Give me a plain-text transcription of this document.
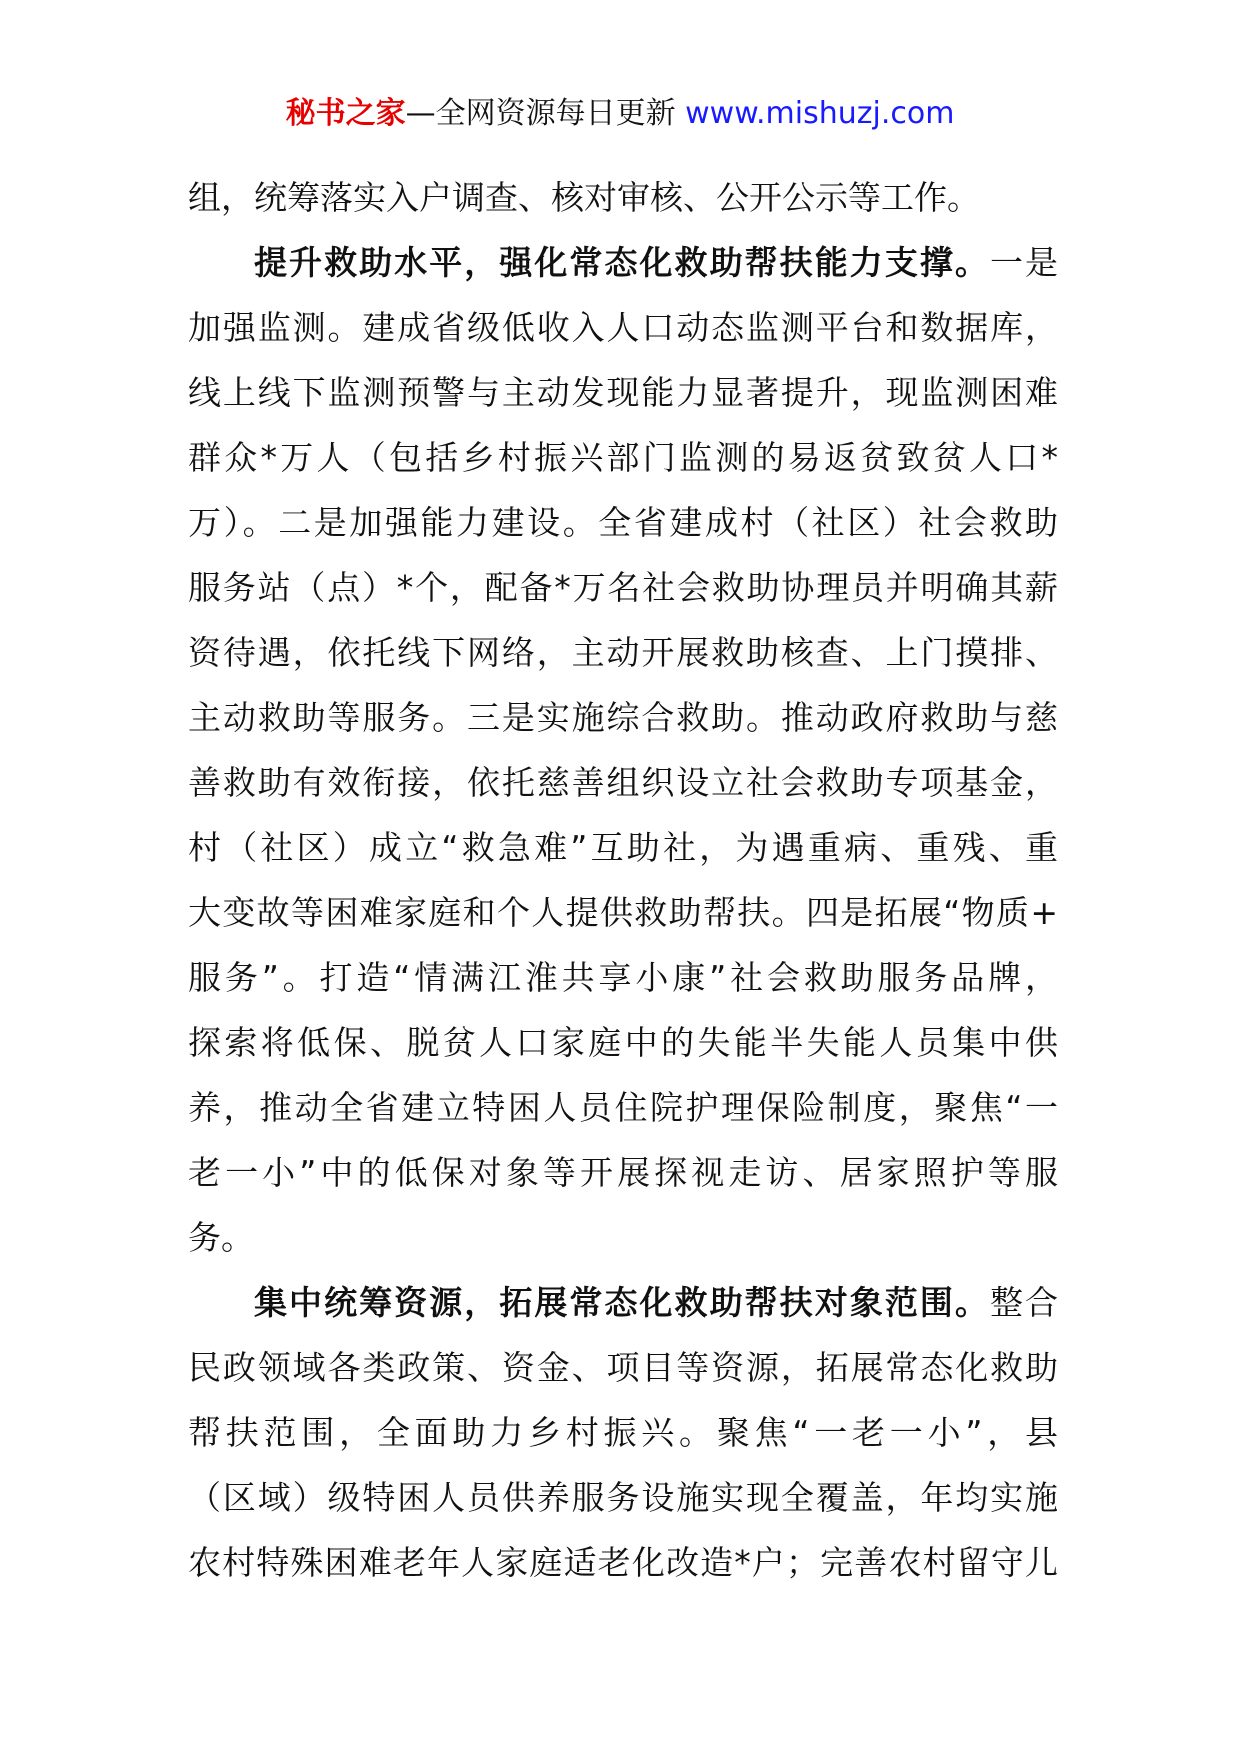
秘书之家—全网资源每日更新 www.mishuzj.com
组，统筹落实入户调查、核对审核、公开公示等工作。
提升救助水平，强化常态化救助帮扶能力支撑。一是
加强监测。建成省级低收入人口动态监测平台和数据库，
线上线下监测预警与主动发现能力显著提升，现监测困难
群众*万人（包括乡村振兴部门监测的易返贫致贫人口*
万）。二是加强能力建设。全省建成村（社区）社会救助
服务站（点）*个，配备*万名社会救助协理员并明确其薪
资待遇，依托线下网络，主动开展救助核查、上门摸排、
主动救助等服务。三是实施综合救助。推动政府救助与慈
善救助有效衔接，依托慈善组织设立社会救助专项基金，
村（社区）成立“救急难”互助社，为遇重病、重残、重
大变故等困难家庭和个人提供救助帮扶。四是拓展“物质+
服务”。打造“情满江淮共享小康”社会救助服务品牌，
探索将低保、脱贫人口家庭中的失能半失能人员集中供
养，推动全省建立特困人员住院护理保险制度，聚焦“一
老一小”中的低保对象等开展探视走访、居家照护等服
务。
集中统筹资源，拓展常态化救助帮扶对象范围。整合
民政领域各类政策、资金、项目等资源，拓展常态化救助
帮扶范围，全面助力乡村振兴。聚焦“一老一小”，县
（区域）级特困人员供养服务设施实现全覆盖，年均实施
农村特殊困难老年人家庭适老化改造*户；完善农村留守儿
